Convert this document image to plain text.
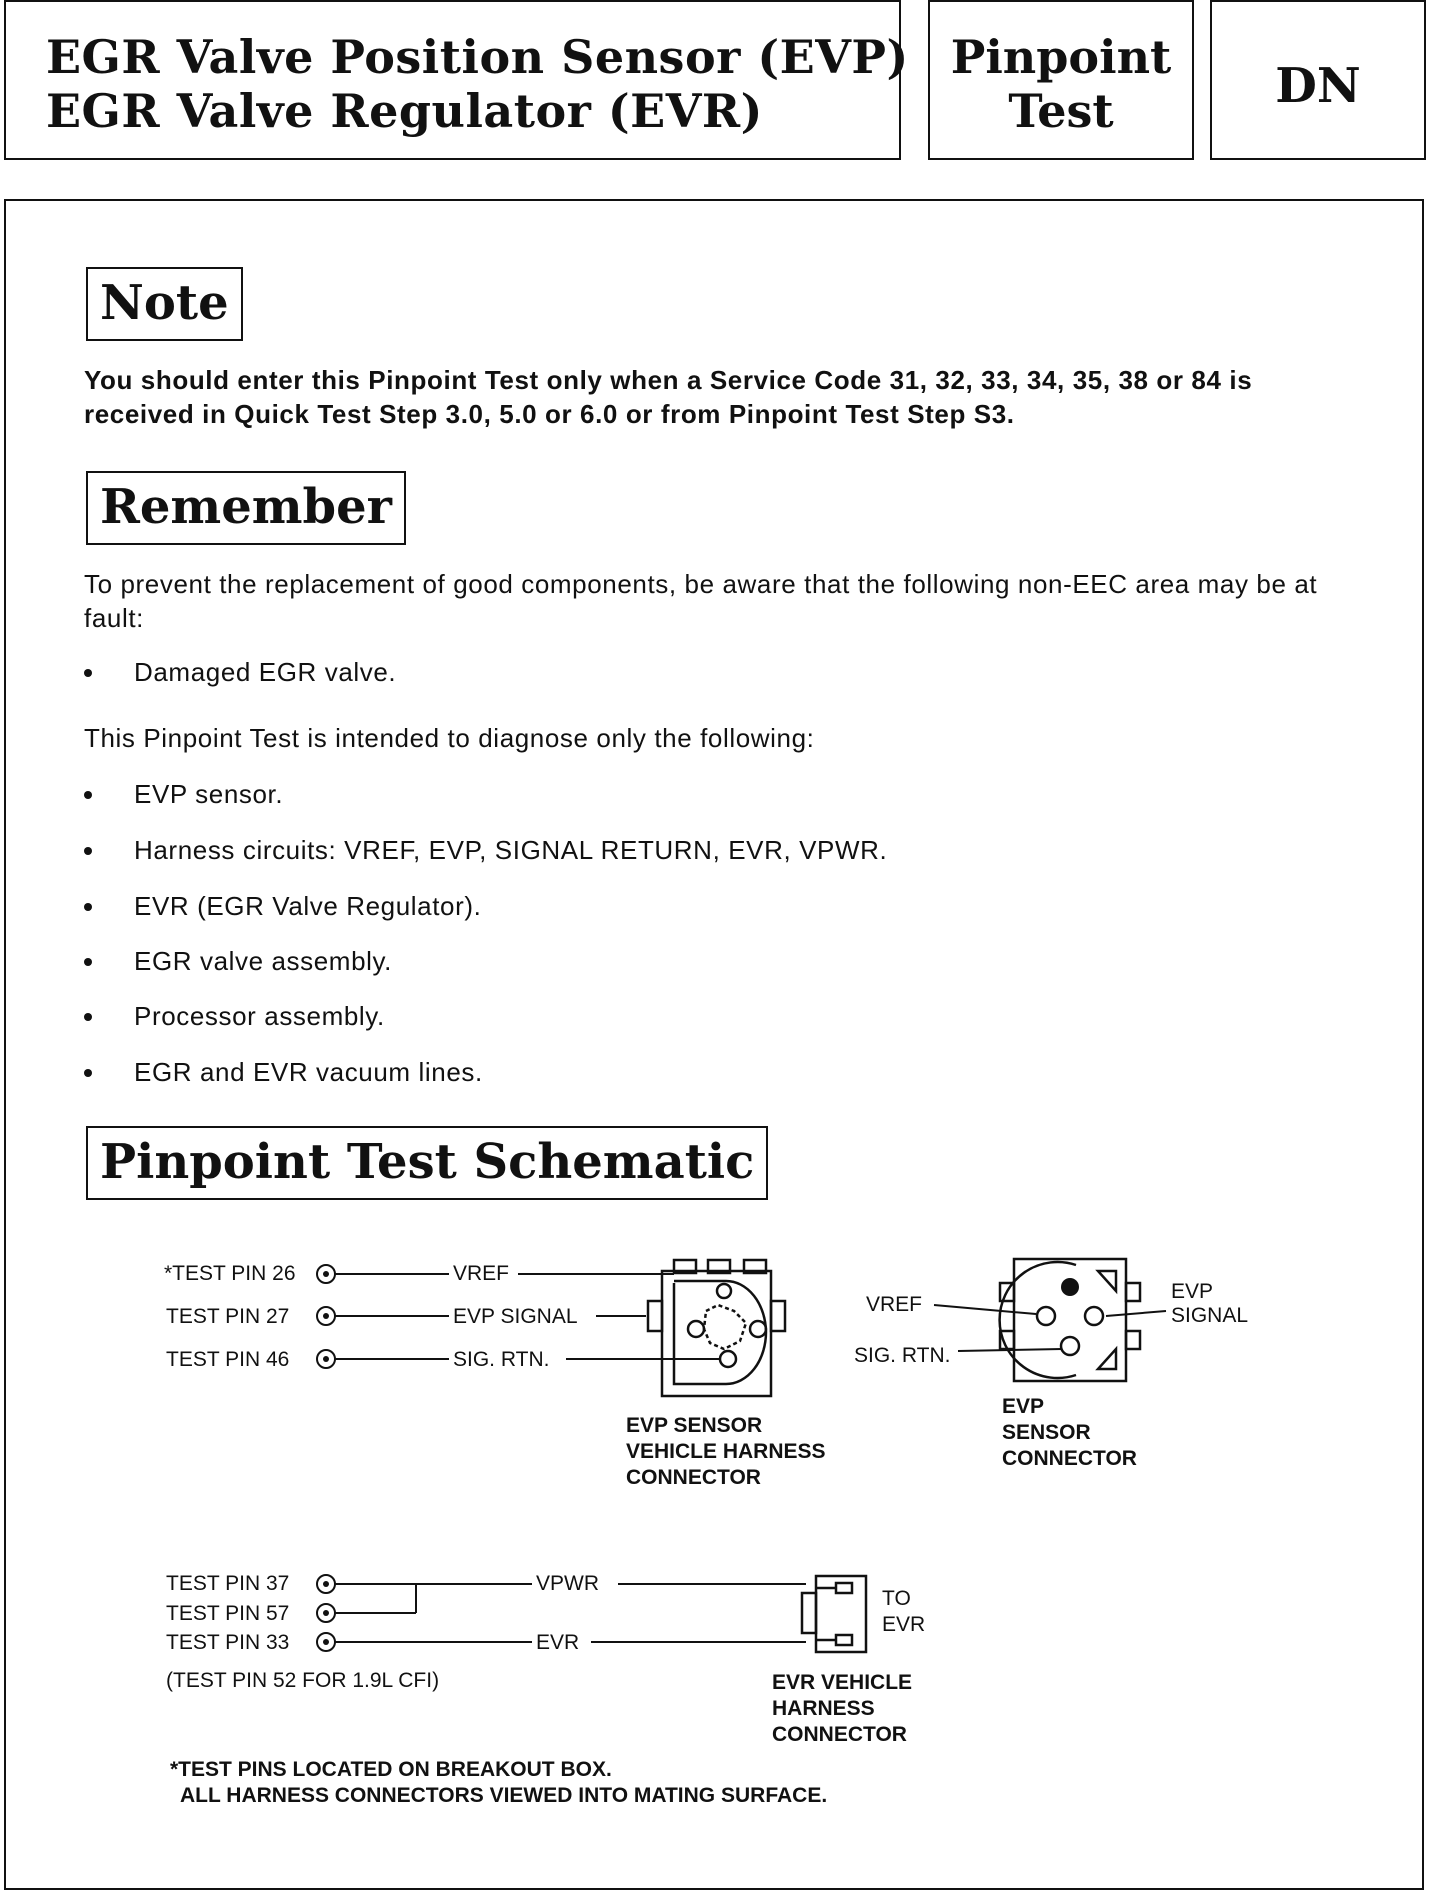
EGR Valve Position Sensor (EVP)
EGR Valve Regulator (EVR)
Pinpoint
Test	DN
Note
You should enter this Pinpoint Test only when a Service Code 31, 32, 33, 34, 35, 38 or 84 is received in Quick Test Step 3.0, 5.0 or 6.0 or from Pinpoint Test Step S3.
Remember
To prevent the replacement of good components, be aware that the following non-EEC area may be at fault:
Damaged EGR valve.
This Pinpoint Test is intended to diagnose only the following:
EVP sensor.
Harness circuits: VREF, EVP, SIGNAL RETURN, EVR, VPWR.
EVR (EGR Valve Regulator).
EGR valve assembly.
Processor assembly.
EGR and EVR vacuum lines.
Pinpoint Test Schematic
*TEST PIN 26
TEST PIN 27
TEST PIN 46
VREF
EVP SIGNAL
SIG. RTN.
EVP SENSOR
VEHICLE HARNESS
CONNECTOR
VREF
SIG. RTN.
EVP
SIGNAL
EVP
SENSOR
CONNECTOR
TEST PIN 37
TEST PIN 57
TEST PIN 33
VPWR
EVR
TO
EVR
(TEST PIN 52 FOR 1.9L CFI)	EVR VEHICLE
HARNESS
CONNECTOR
*TEST PINS LOCATED ON BREAKOUT BOX.
ALL HARNESS CONNECTORS VIEWED INTO MATING SURFACE.
